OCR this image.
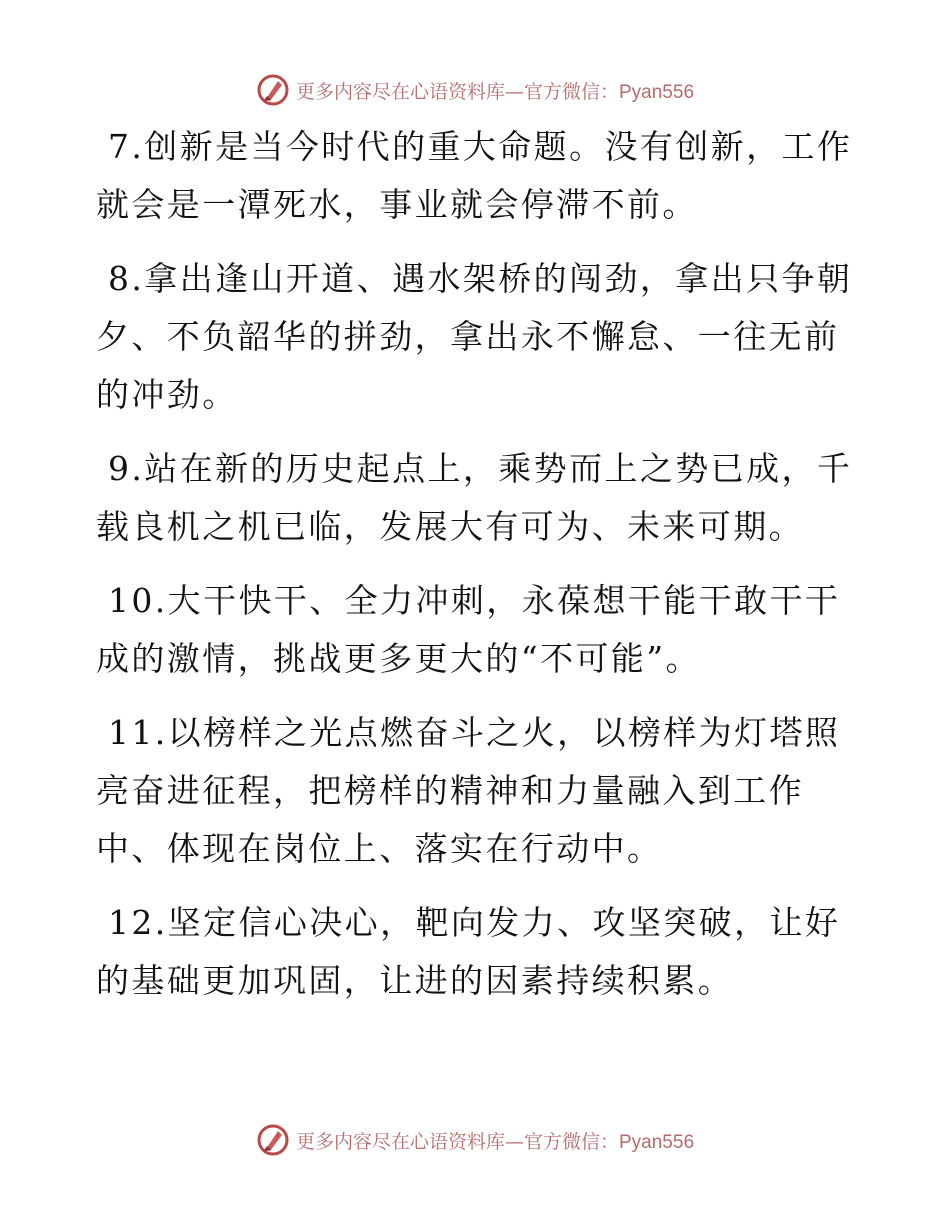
更多内容尽在心语资料库—官方微信：Pyan556

7.创新是当今时代的重大命题。没有创新，工作就会是一潭死水，事业就会停滞不前。

8.拿出逢山开道、遇水架桥的闯劲，拿出只争朝夕、不负韶华的拼劲，拿出永不懈怠、一往无前的冲劲。

9.站在新的历史起点上，乘势而上之势已成，千载良机之机已临，发展大有可为、未来可期。

10.大干快干、全力冲刺，永葆想干能干敢干干成的激情，挑战更多更大的“不可能”。

11.以榜样之光点燃奋斗之火，以榜样为灯塔照亮奋进征程，把榜样的精神和力量融入到工作中、体现在岗位上、落实在行动中。

12.坚定信心决心，靶向发力、攻坚突破，让好的基础更加巩固，让进的因素持续积累。

更多内容尽在心语资料库—官方微信：Pyan556
